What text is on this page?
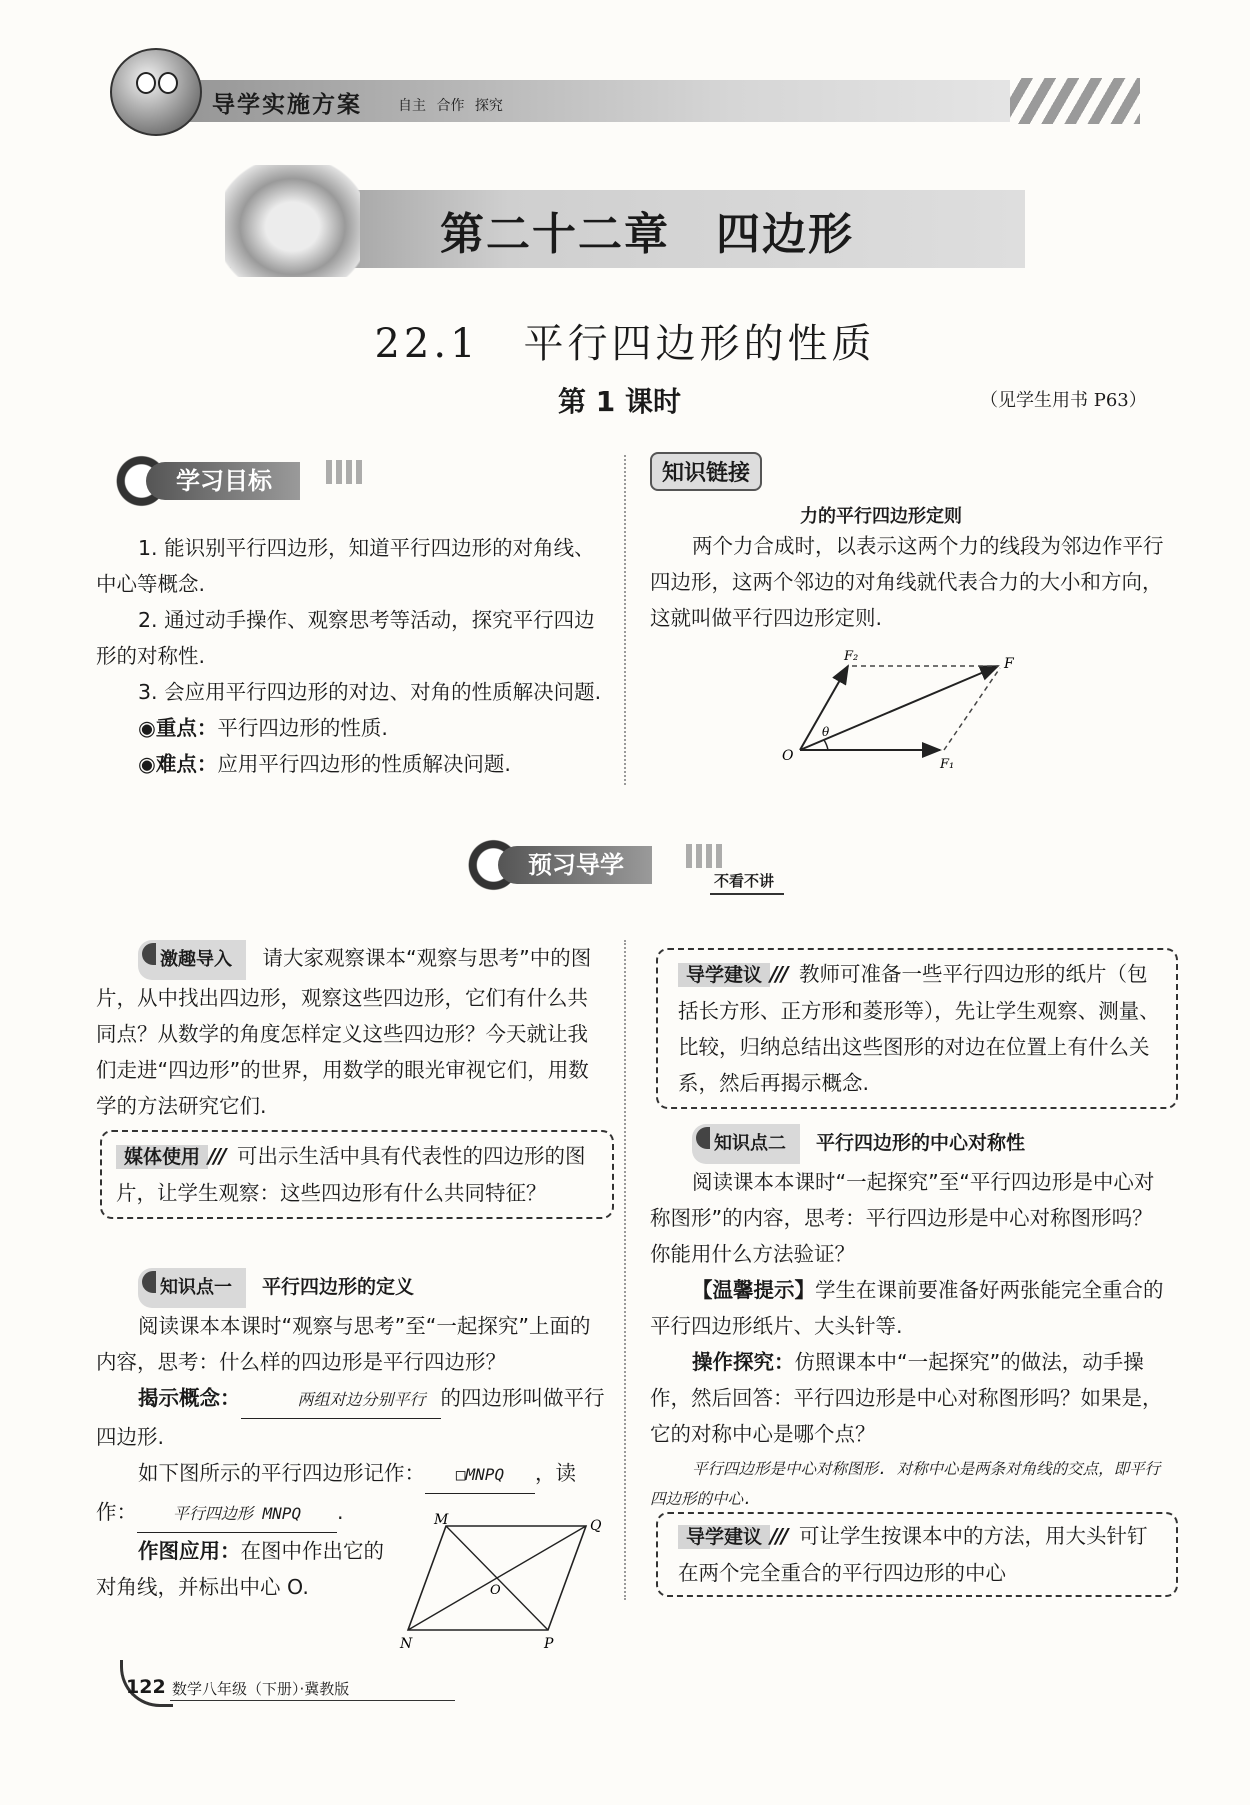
导学实施方案	自主 合作 探究
第二十二章　四边形
22.1　平行四边形的性质
第 1 课时	（见学生用书 P63）
学习目标
1. 能识别平行四边形，知道平行四边形的对角线、中心等概念.
2. 通过动手操作、观察思考等活动，探究平行四边形的对称性.
3. 会应用平行四边形的对边、对角的性质解决问题.
◉重点：平行四边形的性质.
◉难点：应用平行四边形的性质解决问题.
知识链接
力的平行四边形定则
两个力合成时，以表示这两个力的线段为邻边作平行四边形，这两个邻边的对角线就代表合力的大小和方向，这就叫做平行四边形定则.
O
F₁
F₂	F
θ
预习导学
不看不讲
激趣导入 请大家观察课本“观察与思考”中的图片，从中找出四边形，观察这些四边形，它们有什么共同点？从数学的角度怎样定义这些四边形？今天就让我们走进“四边形”的世界，用数学的眼光审视它们，用数学的方法研究它们.
媒体使用 /// 可出示生活中具有代表性的四边形的图片，让学生观察：这些四边形有什么共同特征？
知识点一 平行四边形的定义
阅读课本本课时“观察与思考”至“一起探究”上面的内容，思考：什么样的四边形是平行四边形？
揭示概念：	两组对边分别平行 的四边形叫做平行四边形.
如下图所示的平行四边形记作： □MNPQ ，读作： 平行四边形 MNPQ .
作图应用：在图中作出它的对角线，并标出中心 O.
M	Q
N	P
O
导学建议 /// 教师可准备一些平行四边形的纸片（包括长方形、正方形和菱形等），先让学生观察、测量、比较，归纳总结出这些图形的对边在位置上有什么关系，然后再揭示概念.
知识点二 平行四边形的中心对称性
阅读课本本课时“一起探究”至“平行四边形是中心对称图形”的内容，思考：平行四边形是中心对称图形吗？你能用什么方法验证？
【温馨提示】学生在课前要准备好两张能完全重合的平行四边形纸片、大头针等.
操作探究：仿照课本中“一起探究”的做法，动手操作，然后回答：平行四边形是中心对称图形吗？如果是，它的对称中心是哪个点？
平行四边形是中心对称图形. 对称中心是两条对角线的交点，即平行四边形的中心.
导学建议 /// 可让学生按课本中的方法，用大头针钉在两个完全重合的平行四边形的中心
122 数学八年级（下册）·冀教版
